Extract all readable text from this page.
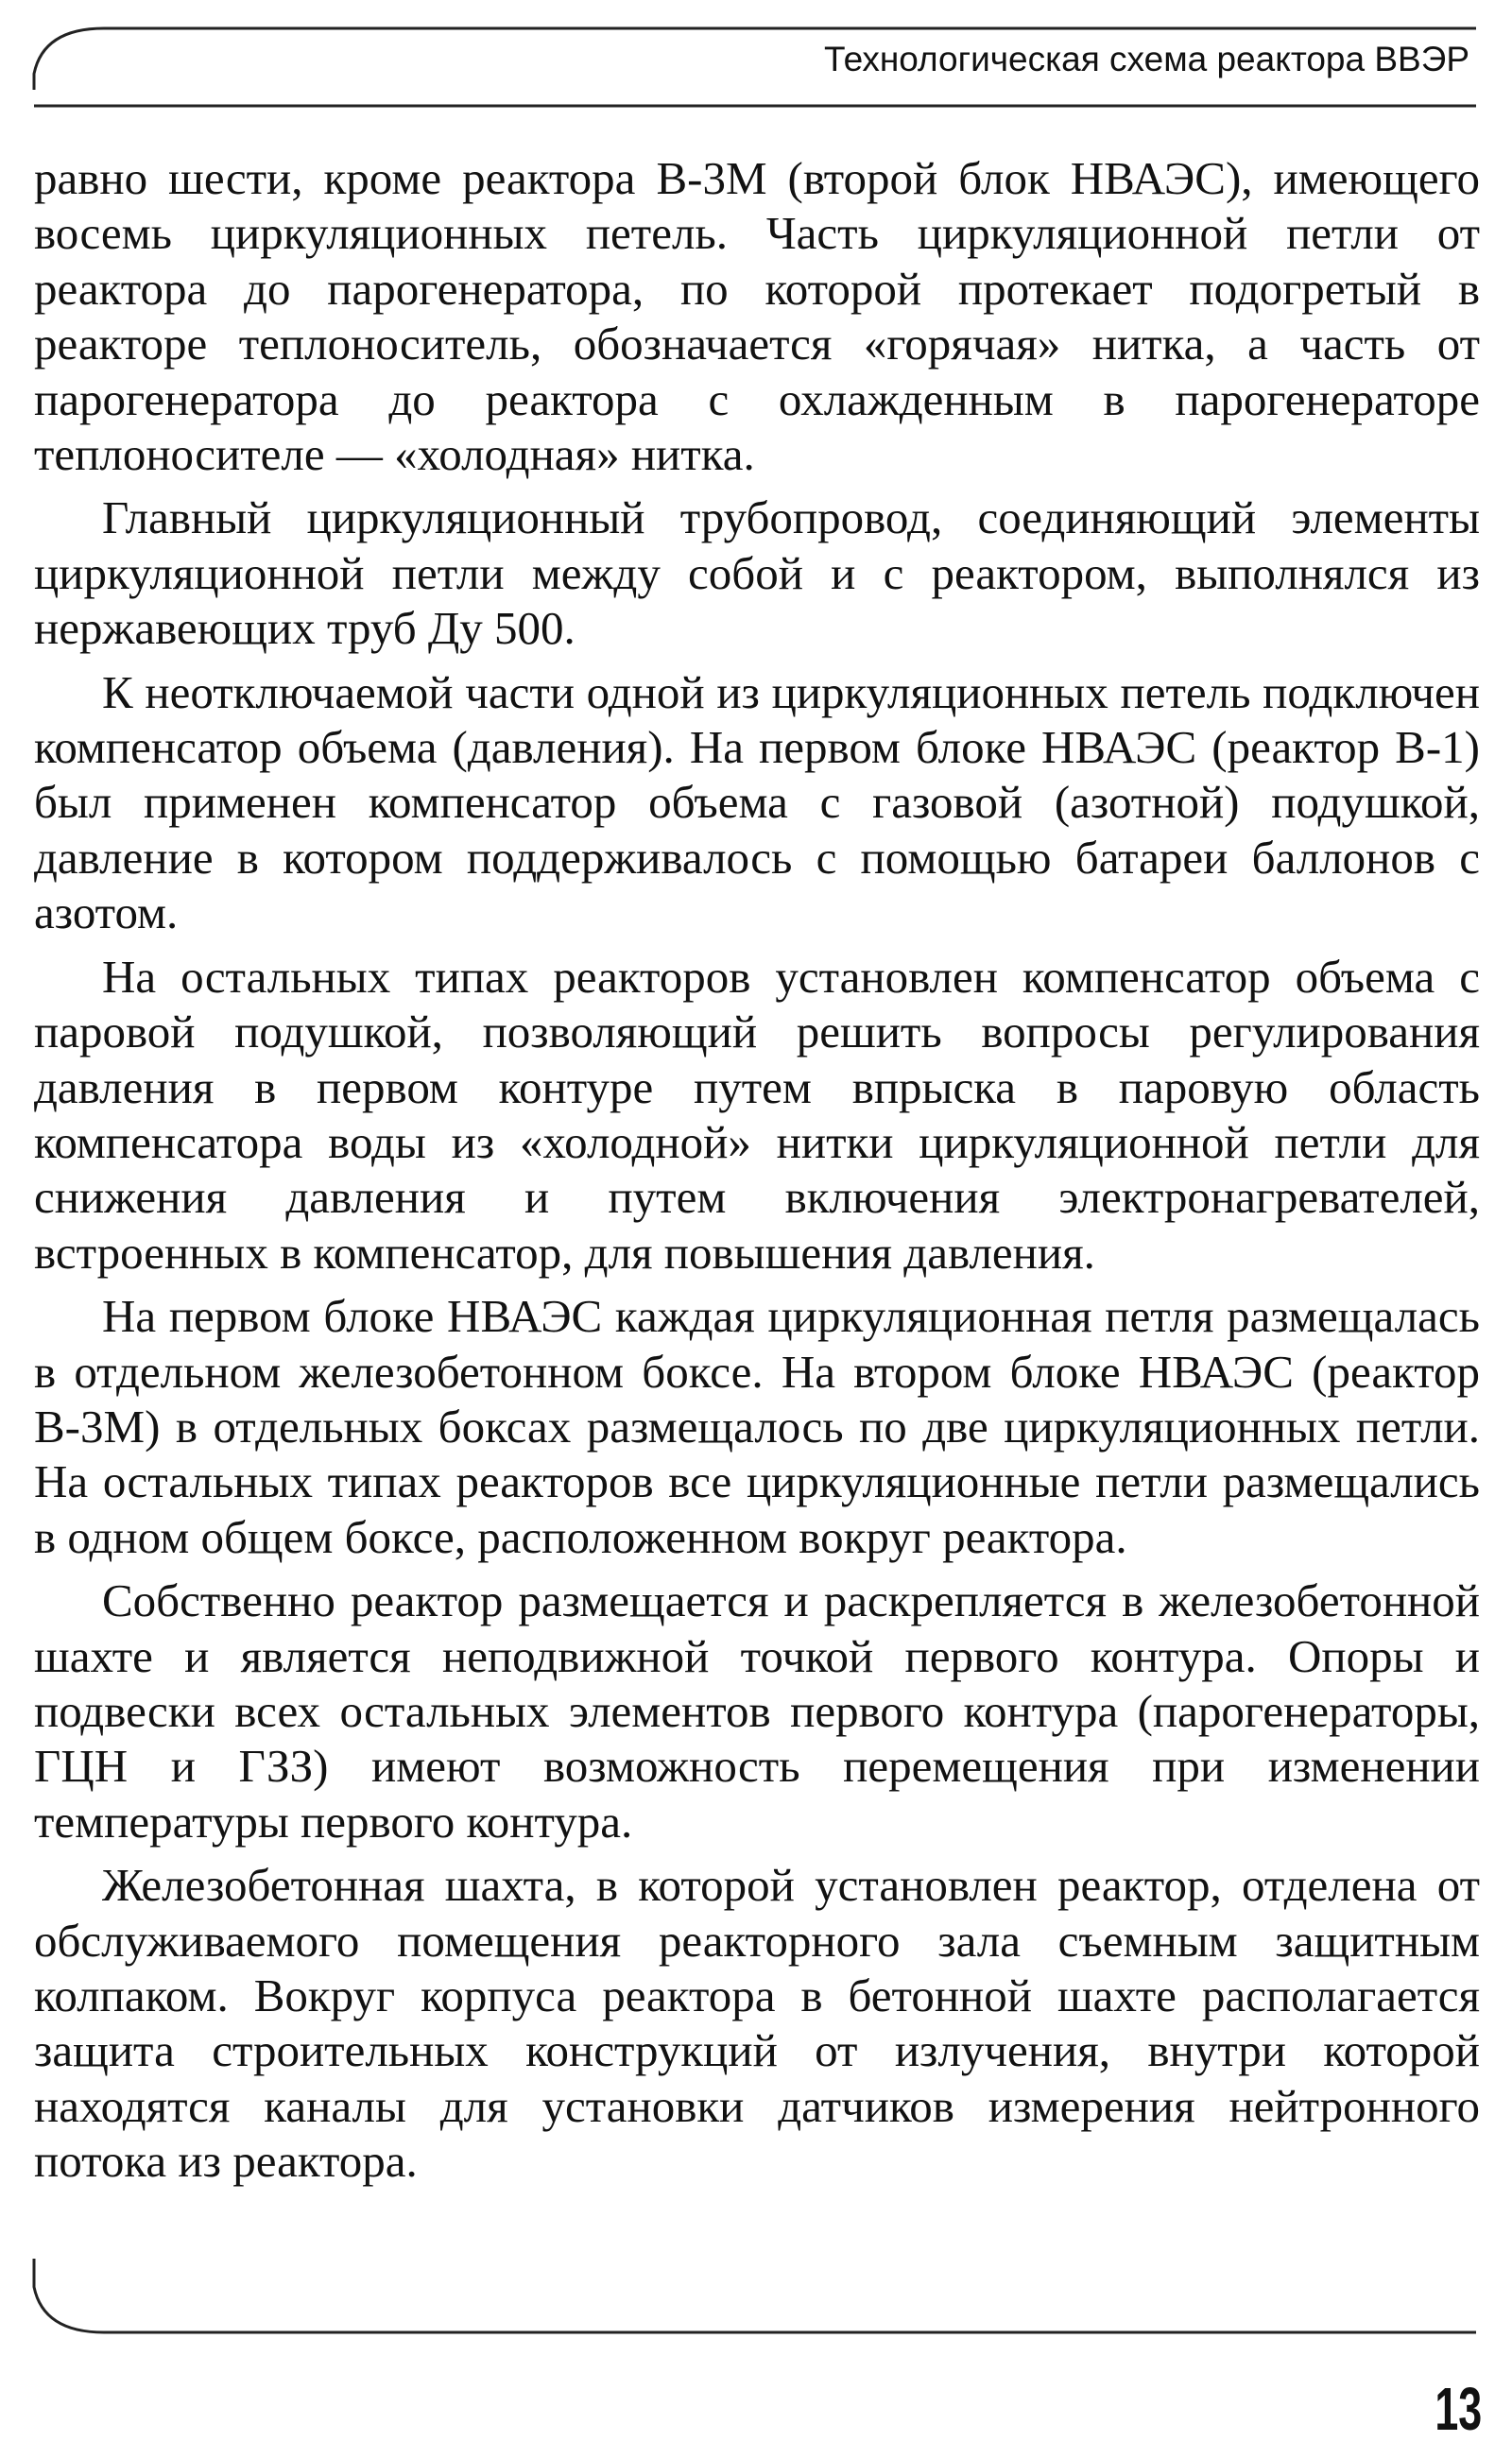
Технологическая схема реактора ВВЭР

равно шести, кроме реактора В-3М (второй блок НВАЭС), имеющего восемь циркуляционных петель. Часть циркуляционной петли от реактора до парогенератора, по которой протекает подогретый в реакторе теплоноситель, обозначается «горячая» нитка, а часть от парогенератора до реактора с охлажденным в парогенераторе теплоносителе — «холодная» нитка.

Главный циркуляционный трубопровод, соединяющий элементы циркуляционной петли между собой и с реактором, выполнялся из нержавеющих труб Ду 500.

К неотключаемой части одной из циркуляционных петель подключен компенсатор объема (давления). На первом блоке НВАЭС (реактор В-1) был применен компенсатор объема с газовой (азотной) подушкой, давление в котором поддерживалось с помощью батареи баллонов с азотом.

На остальных типах реакторов установлен компенсатор объема с паровой подушкой, позволяющий решить вопросы регулирования давления в первом контуре путем впрыска в паровую область компенсатора воды из «холодной» нитки циркуляционной петли для снижения давления и путем включения электронагревателей, встроенных в компенсатор, для повышения давления.

На первом блоке НВАЭС каждая циркуляционная петля размещалась в отдельном железобетонном боксе. На втором блоке НВАЭС (реактор В-3М) в отдельных боксах размещалось по две циркуляционных петли. На остальных типах реакторов все циркуляционные петли размещались в одном общем боксе, расположенном вокруг реактора.

Собственно реактор размещается и раскрепляется в железобетонной шахте и является неподвижной точкой первого контура. Опоры и подвески всех остальных элементов первого контура (парогенераторы, ГЦН и ГЗЗ) имеют возможность перемещения при изменении температуры первого контура.

Железобетонная шахта, в которой установлен реактор, отделена от обслуживаемого помещения реакторного зала съемным защитным колпаком. Вокруг корпуса реактора в бетонной шахте располагается защита строительных конструкций от излучения, внутри которой находятся каналы для установки датчиков измерения нейтронного потока из реактора.

13
